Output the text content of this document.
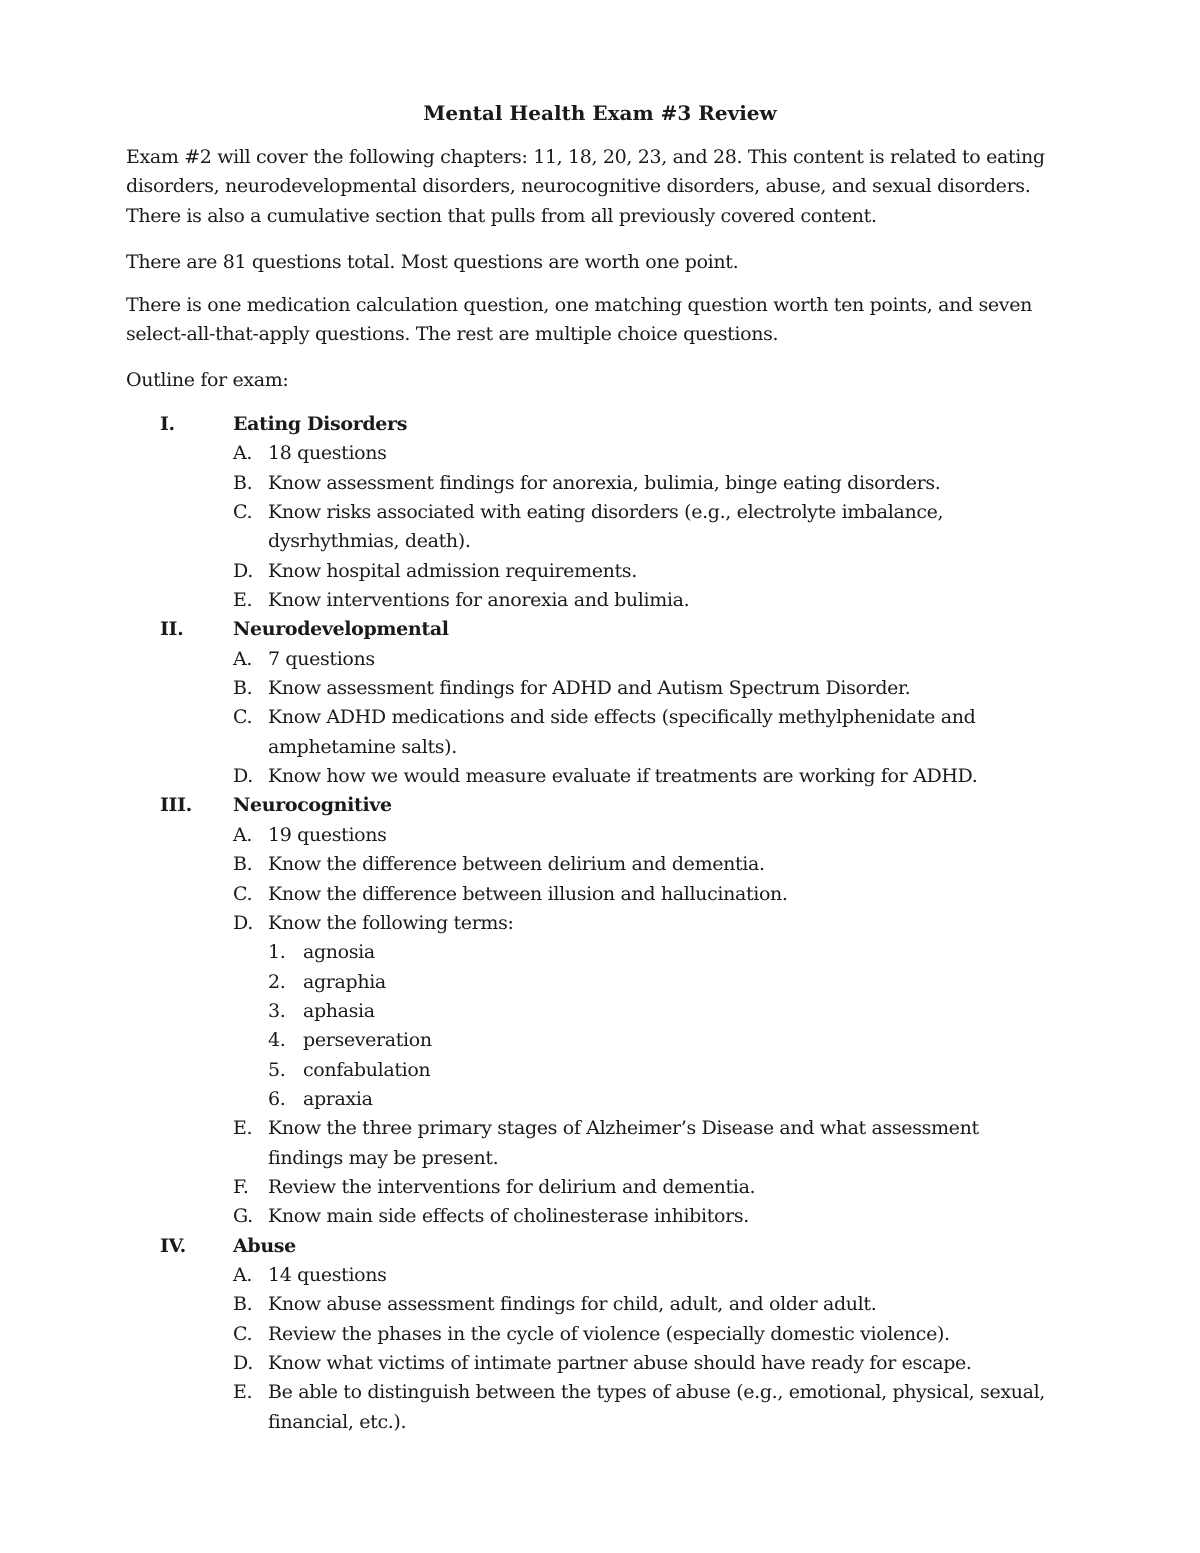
Mental Health Exam #3 Review
Exam #2 will cover the following chapters: 11, 18, 20, 23, and 28. This content is related to eating
disorders, neurodevelopmental disorders, neurocognitive disorders, abuse, and sexual disorders.
There is also a cumulative section that pulls from all previously covered content.
There are 81 questions total. Most questions are worth one point.
There is one medication calculation question, one matching question worth ten points, and seven
select-all-that-apply questions. The rest are multiple choice questions.
Outline for exam:
I.	Eating Disorders
A. 18 questions
B. Know assessment findings for anorexia, bulimia, binge eating disorders.
C. Know risks associated with eating disorders (e.g., electrolyte imbalance,
dysrhythmias, death).
D. Know hospital admission requirements.
E. Know interventions for anorexia and bulimia.
II.	Neurodevelopmental
A. 7 questions
B. Know assessment findings for ADHD and Autism Spectrum Disorder.
C. Know ADHD medications and side effects (specifically methylphenidate and
amphetamine salts).
D. Know how we would measure evaluate if treatments are working for ADHD.
III. Neurocognitive
A. 19 questions
B. Know the difference between delirium and dementia.
C. Know the difference between illusion and hallucination.
D. Know the following terms:
1. agnosia
2. agraphia
3. aphasia
4. perseveration
5. confabulation
6. apraxia
E. Know the three primary stages of Alzheimer’s Disease and what assessment
findings may be present.
F. Review the interventions for delirium and dementia.
G. Know main side effects of cholinesterase inhibitors.
IV. Abuse
A. 14 questions
B. Know abuse assessment findings for child, adult, and older adult.
C. Review the phases in the cycle of violence (especially domestic violence).
D. Know what victims of intimate partner abuse should have ready for escape.
E. Be able to distinguish between the types of abuse (e.g., emotional, physical, sexual,
financial, etc.).
